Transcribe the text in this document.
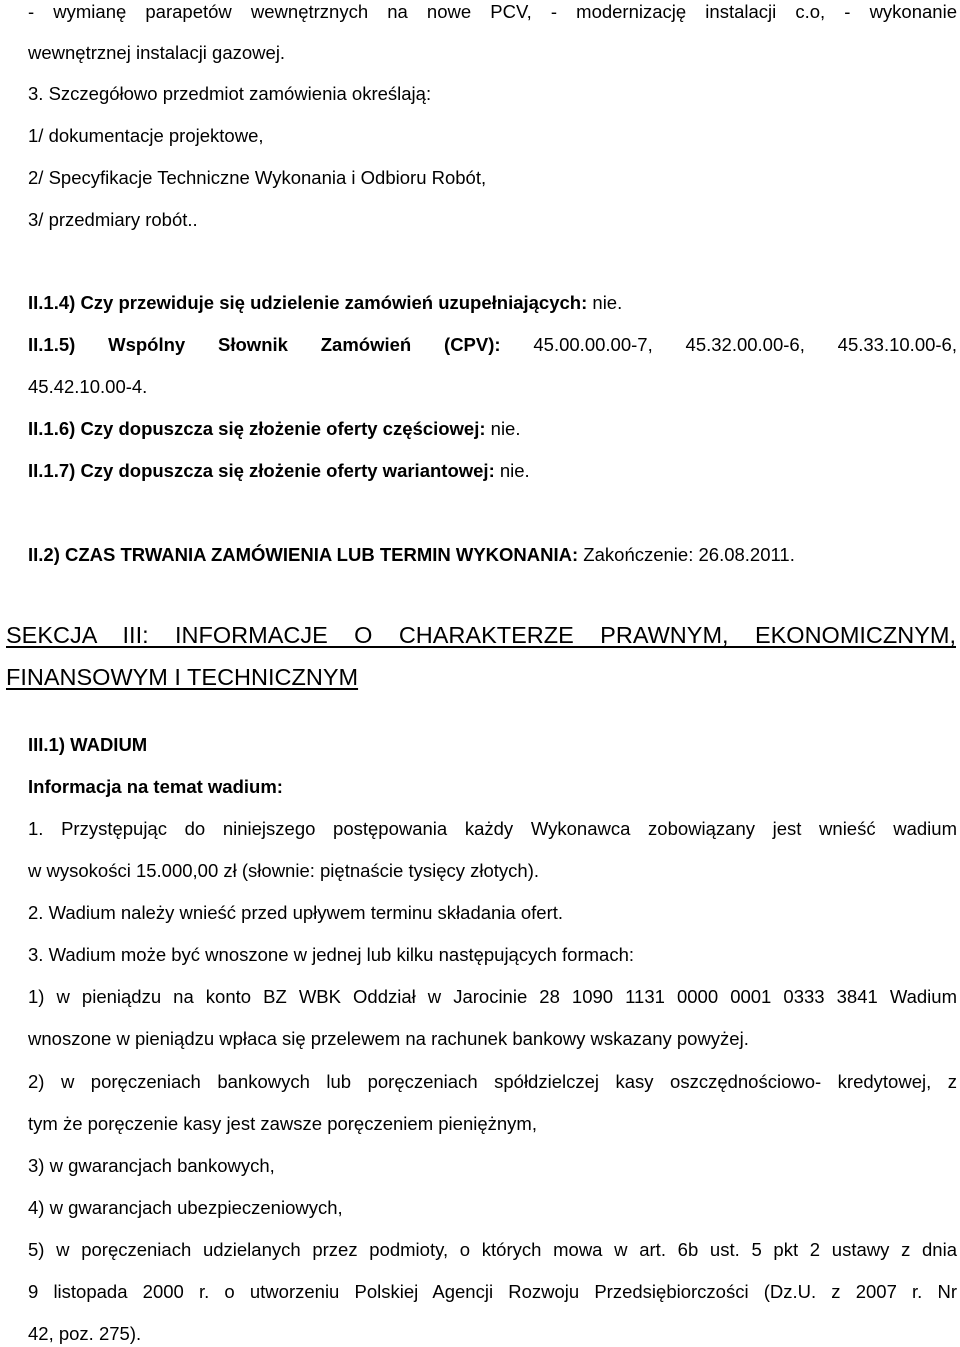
- wymianę parapetów wewnętrznych na nowe PCV, - modernizację instalacji c.o, - wykonanie
wewnętrznej instalacji gazowej.
3. Szczegółowo przedmiot zamówienia określają:
1/ dokumentacje projektowe,
2/ Specyfikacje Techniczne Wykonania i Odbioru Robót,
3/ przedmiary robót..
II.1.4) Czy przewiduje się udzielenie zamówień uzupełniających: nie.
II.1.5) Wspólny Słownik Zamówień (CPV): 45.00.00.00-7, 45.32.00.00-6, 45.33.10.00-6,
45.42.10.00-4.
II.1.6) Czy dopuszcza się złożenie oferty częściowej: nie.
II.1.7) Czy dopuszcza się złożenie oferty wariantowej: nie.
II.2) CZAS TRWANIA ZAMÓWIENIA LUB TERMIN WYKONANIA: Zakończenie: 26.08.2011.
SEKCJA III: INFORMACJE O CHARAKTERZE PRAWNYM, EKONOMICZNYM,
FINANSOWYM I TECHNICZNYM
III.1) WADIUM
Informacja na temat wadium:
1. Przystępując do niniejszego postępowania każdy Wykonawca zobowiązany jest wnieść wadium
w wysokości 15.000,00 zł (słownie: piętnaście tysięcy złotych).
2. Wadium należy wnieść przed upływem terminu składania ofert.
3. Wadium może być wnoszone w jednej lub kilku następujących formach:
1) w pieniądzu na konto BZ WBK Oddział w Jarocinie 28 1090 1131 0000 0001 0333 3841 Wadium
wnoszone w pieniądzu wpłaca się przelewem na rachunek bankowy wskazany powyżej.
2) w poręczeniach bankowych lub poręczeniach spółdzielczej kasy oszczędnościowo- kredytowej, z
tym że poręczenie kasy jest zawsze poręczeniem pieniężnym,
3) w gwarancjach bankowych,
4) w gwarancjach ubezpieczeniowych,
5) w poręczeniach udzielanych przez podmioty, o których mowa w art. 6b ust. 5 pkt 2 ustawy z dnia
9 listopada 2000 r. o utworzeniu Polskiej Agencji Rozwoju Przedsiębiorczości (Dz.U. z 2007 r. Nr
42, poz. 275).
